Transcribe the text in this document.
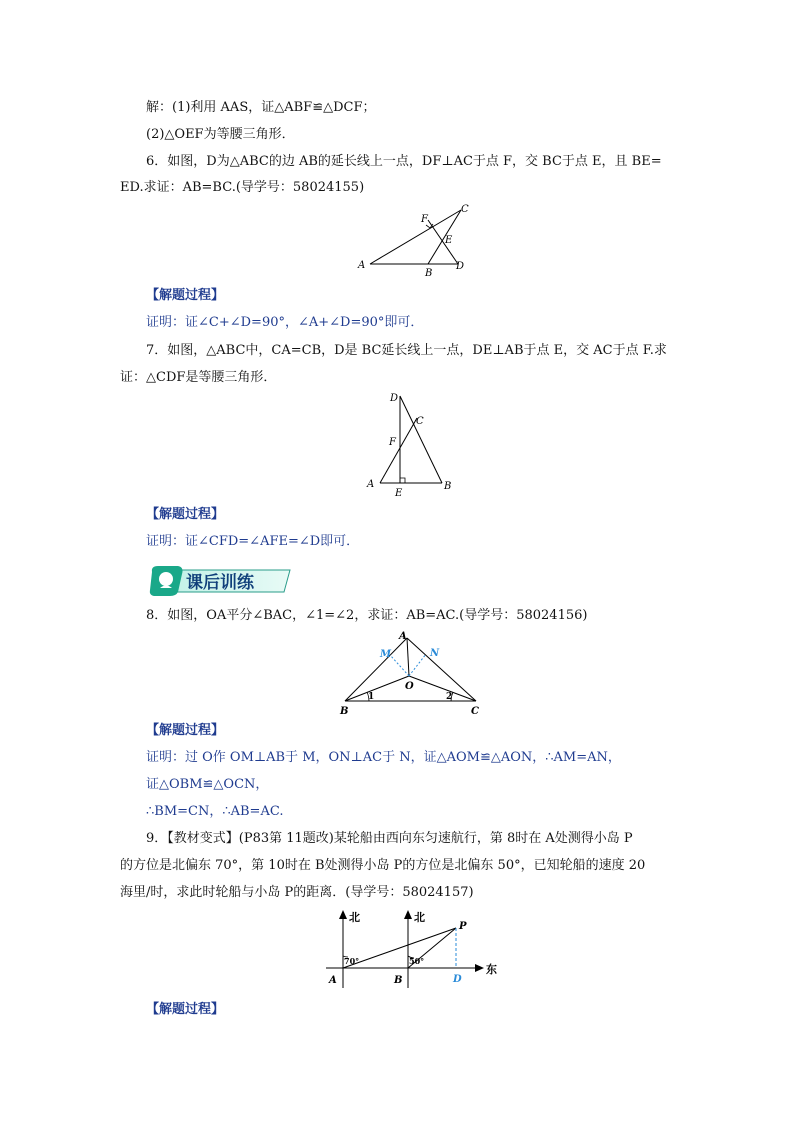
解：(1)利用 AAS，证△ABF≌△DCF；
(2)△OEF为等腰三角形．
6．如图，D为△ABC的边 AB的延长线上一点，DF⊥AC于点 F，交 BC于点 E，且 BE=
ED.求证：AB=BC.(导学号：58024155)
A
B
C
D
E
F
【解题过程】
证明：证∠C+∠D=90°，∠A+∠D=90°即可．
7．如图，△ABC中，CA=CB，D是 BC延长线上一点，DE⊥AB于点 E，交 AC于点 F.求
证：△CDF是等腰三角形．
A	B
C
D
E
F
【解题过程】
证明：证∠CFD=∠AFE=∠D即可．
课后训练
8．如图，OA平分∠BAC，∠1=∠2，求证：AB=AC.(导学号：58024156)
A
B	C
M	N
O
1	2
【解题过程】
证明：过 O作 OM⊥AB于 M，ON⊥AC于 N，证△AOM≌△AON，∴AM=AN，
证△OBM≌△OCN，
∴BM=CN，∴AB=AC.
9．【教材变式】(P83第 11题改)某轮船由西向东匀速航行，第 8时在 A处测得小岛 P
的方位是北偏东 70°，第 10时在 B处测得小岛 P的方位是北偏东 50°，已知轮船的速度 20
海里/时，求此时轮船与小岛 P的距离．(导学号：58024157)
北	北
东
A	B	D
P
70°	50°
【解题过程】
